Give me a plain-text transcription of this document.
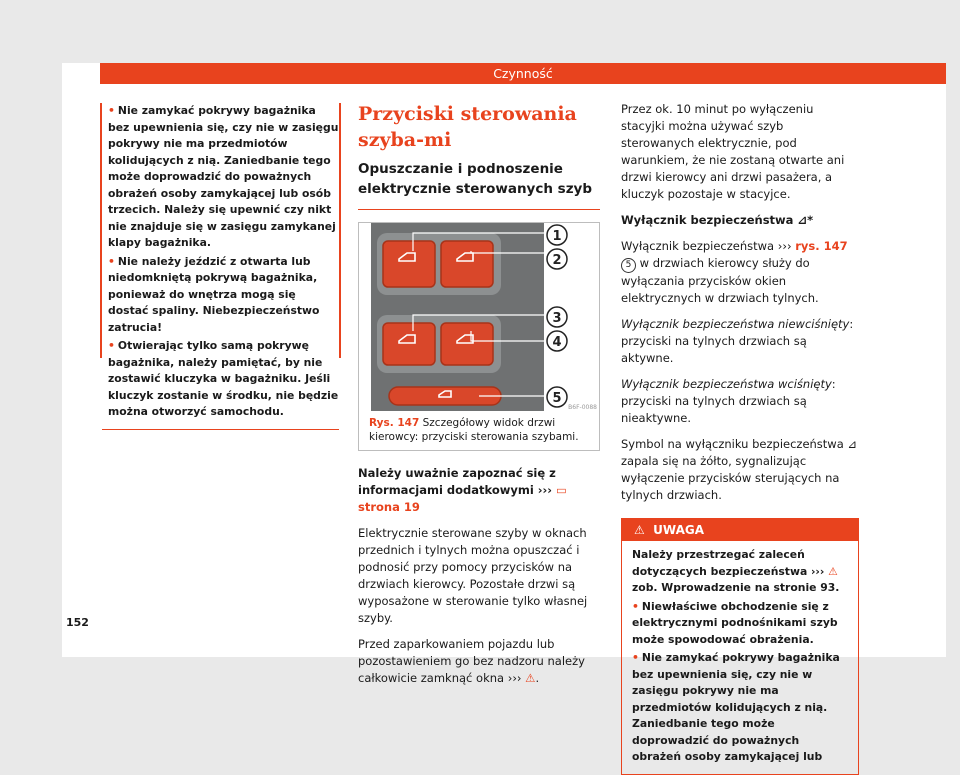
Czynność
• Nie zamykać pokrywy bagażnika bez upewnienia się, czy nie w zasięgu pokrywy nie ma przedmiotów kolidujących z nią. Zaniedbanie tego może doprowadzić do poważnych obrażeń osoby zamykającej lub osób trzecich. Należy się upewnić czy nikt nie znajduje się w zasięgu zamykanej klapy bagażnika.
• Nie należy jeździć z otwarta lub niedomkniętą pokrywą bagażnika, ponieważ do wnętrza mogą się dostać spaliny. Niebezpieczeństwo zatrucia!
• Otwierając tylko samą pokrywę bagażnika, należy pamiętać, by nie zostawić kluczyka w bagażniku. Jeśli kluczyk zostanie w środku, nie będzie można otworzyć samochodu.
Przyciski sterowania szyba-mi
Opuszczanie i podnoszenie elektrycznie sterowanych szyb
1
2
3
4
5
B6F-0088
Rys. 147 Szczegółowy widok drzwi kierowcy: przyciski sterowania szybami.

Należy uważnie zapoznać się z informacjami dodatkowymi ››› ▭ strona 19

Elektrycznie sterowane szyby w oknach przednich i tylnych można opuszczać i podnosić przy pomocy przycisków na drzwiach kierowcy. Pozostałe drzwi są wyposażone w sterowanie tylko własnej szyby.

Przed zaparkowaniem pojazdu lub pozostawieniem go bez nadzoru należy całkowicie zamknąć okna ››› ⚠.

Przez ok. 10 minut po wyłączeniu stacyjki można używać szyb sterowanych elektrycznie, pod warunkiem, że nie zostaną otwarte ani drzwi kierowcy ani drzwi pasażera, a kluczyk pozostaje w stacyjce.

Wyłącznik bezpieczeństwa ⊿*

Wyłącznik bezpieczeństwa ››› rys. 147 5 w drzwiach kierowcy służy do wyłączania przycisków okien elektrycznych w drzwiach tylnych.

Wyłącznik bezpieczeństwa niewciśnięty: przyciski na tylnych drzwiach są aktywne.

Wyłącznik bezpieczeństwa wciśnięty: przyciski na tylnych drzwiach są nieaktywne.

Symbol na wyłączniku bezpieczeństwa ⊿ zapala się na żółto, sygnalizując wyłączenie przycisków sterujących na tylnych drzwiach.

⚠ UWAGA
Należy przestrzegać zaleceń dotyczących bezpieczeństwa ››› ⚠ zob. Wprowadzenie na stronie 93.
• Niewłaściwe obchodzenie się z elektrycznymi podnośnikami szyb może spowodować obrażenia.
• Nie zamykać pokrywy bagażnika bez upewnienia się, czy nie w zasięgu pokrywy nie ma przedmiotów kolidujących z nią. Zaniedbanie tego może doprowadzić do poważnych obrażeń osoby zamykającej lub
152
